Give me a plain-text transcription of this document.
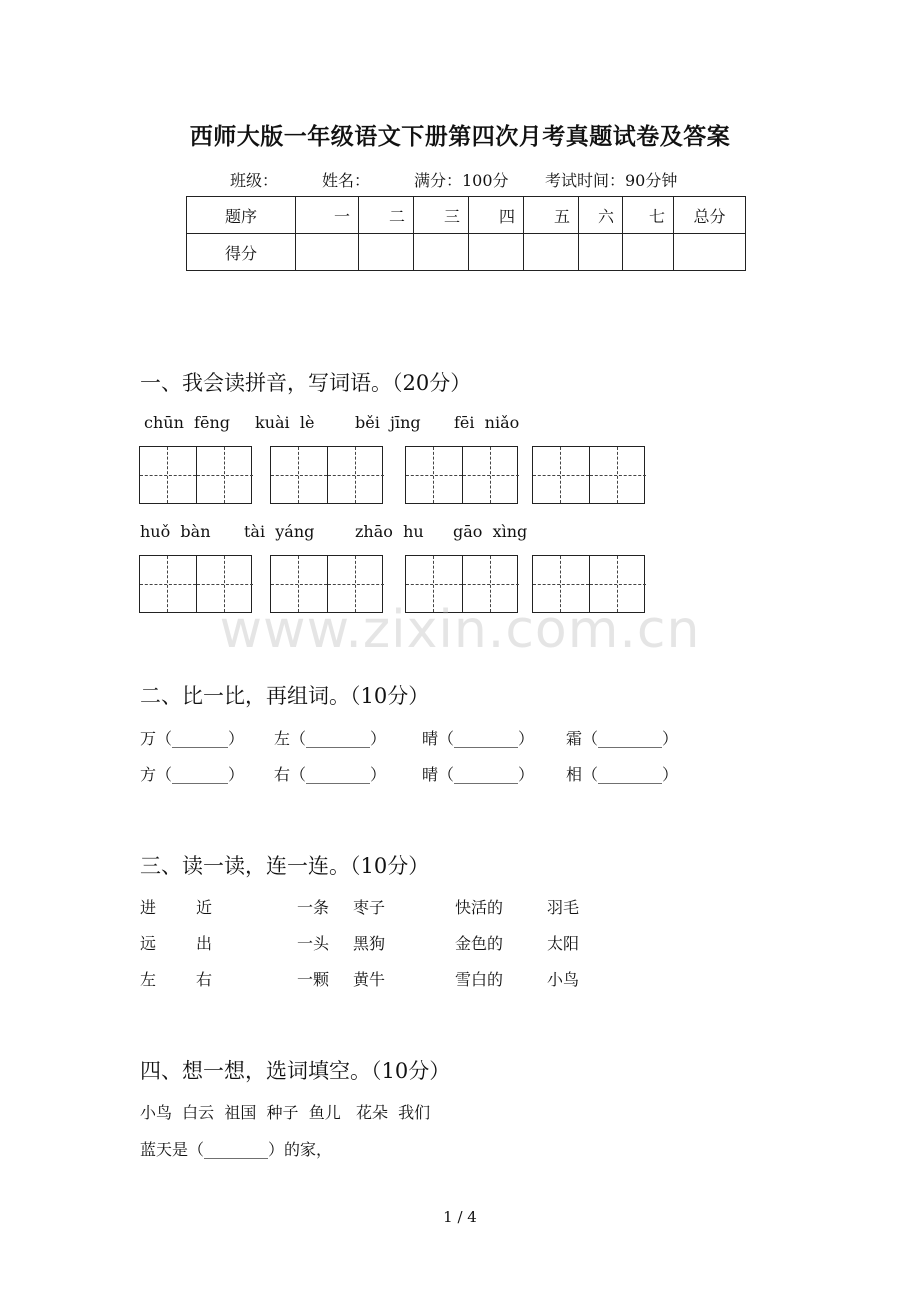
西师大版一年级语文下册第四次月考真题试卷及答案
班级：	姓名：	满分：100分 考试时间：90分钟
题序	一	二	三	四	五	六	七	总分
得分								
一、我会读拼音，写词语。（20分）
chūn  fēng kuài  lè	běi  jīng fēi  niǎo
huǒ  bàn tài  yáng	zhāo  hu gāo  xìng
www.zixin.com.cn
二、比一比，再组词。（10分）
万（_______） 左（________） 晴（________） 霜（________）
方（_______） 右（________） 晴（________） 相（________）
三、读一读，连一连。（10分）
进 近	一条 枣子	快活的	羽毛
远 出	一头 黑狗	金色的	太阳
左 右	一颗 黄牛	雪白的	小鸟
四、想一想，选词填空。（10分）
小鸟  白云  祖国  种子  鱼儿   花朵  我们
蓝天是（________）的家，
1 / 4
